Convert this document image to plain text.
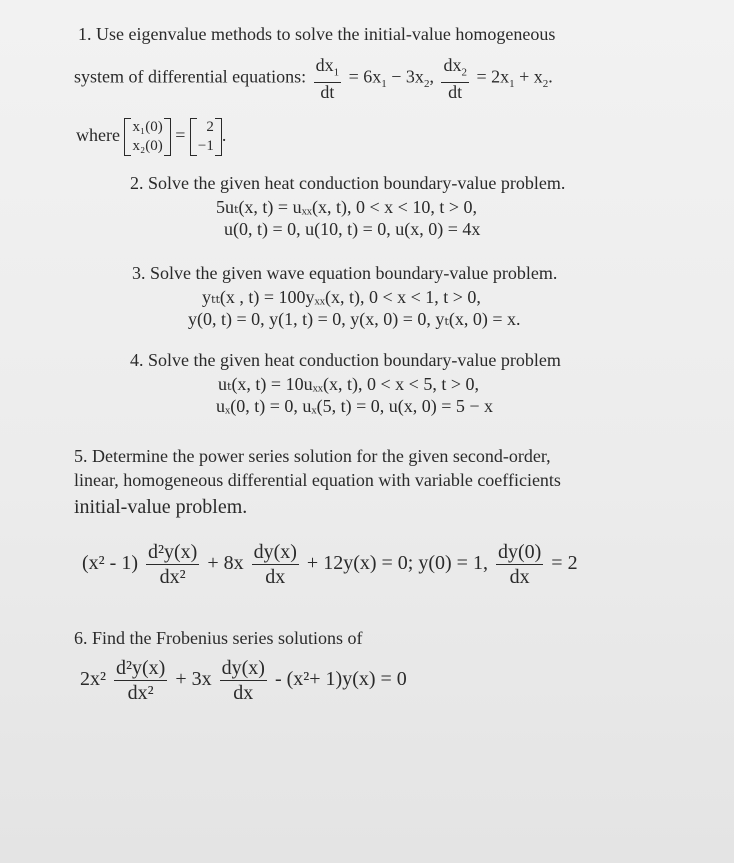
1. Use eigenvalue methods to solve the initial-value homogeneous
system of differential equations: $\frac{dx_1}{dt} = 6x_1 - 3x_2$, $\frac{dx_2}{dt} = 2x_1 + x_2$.
where x₁(0)
x₂(0)
=	2
−1
.
2. Solve the given heat conduction boundary-value problem.
5uₜ(x, t) = uₓₓ(x, t), 0 < x < 10, t > 0,
u(0, t) = 0, u(10, t) = 0, u(x, 0) = 4x
3. Solve the given wave equation boundary-value problem.
yₜₜ(x , t) = 100yₓₓ(x, t), 0 < x < 1, t > 0,
y(0, t) = 0, y(1, t) = 0, y(x, 0) = 0, yₜ(x, 0) = x.
4. Solve the given heat conduction boundary-value problem
uₜ(x, t) = 10uₓₓ(x, t), 0 < x < 5, t > 0,
uₓ(0, t) = 0, uₓ(5, t) = 0, u(x, 0) = 5 − x
5. Determine the power series solution for the given second-order,
linear, homogeneous differential equation with variable coefficients
initial-value problem.
$(x^2 - 1) \frac{\text{d²y(x)}}{\text{dx²}} + 8x \frac{dy(x)}{dx} + 12y(x) = 0$; y(0) = 1, $\frac{dy(0)}{dx} = 2$
6. Find the Frobenius series solutions of
$2x^2 \frac{\text{d²y(x)}}{\text{dx²}} + 3x \frac{dy(x)}{dx} - (x^2+ 1)y(x) = 0$
